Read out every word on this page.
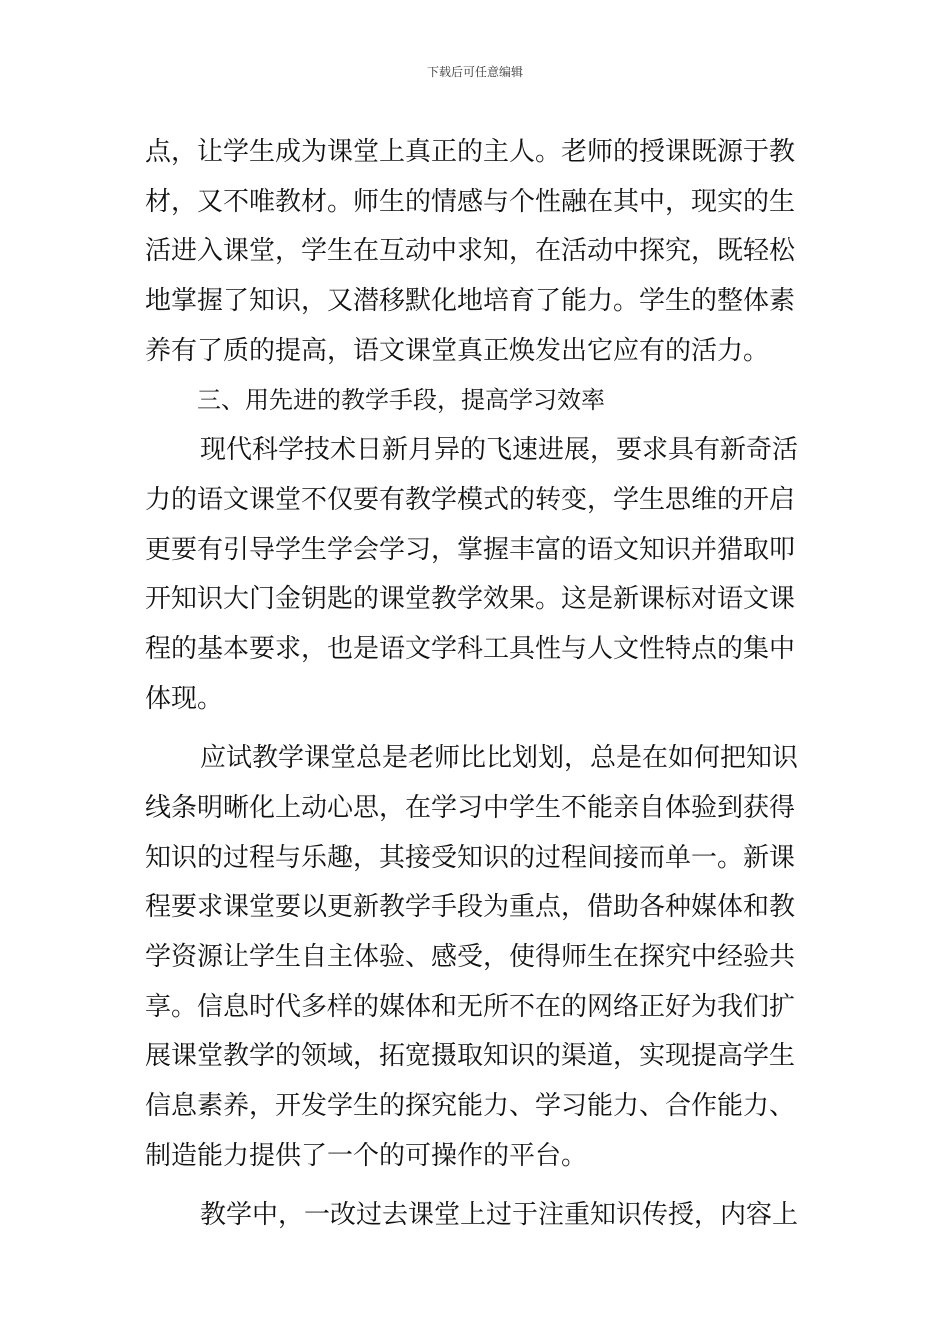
下载后可任意编辑
点，让学生成为课堂上真正的主人。老师的授课既源于教
材，又不唯教材。师生的情感与个性融在其中，现实的生
活进入课堂，学生在互动中求知，在活动中探究，既轻松
地掌握了知识，又潜移默化地培育了能力。学生的整体素
养有了质的提高，语文课堂真正焕发出它应有的活力。
三、用先进的教学手段，提高学习效率
现代科学技术日新月异的飞速进展，要求具有新奇活
力的语文课堂不仅要有教学模式的转变，学生思维的开启
更要有引导学生学会学习，掌握丰富的语文知识并猎取叩
开知识大门金钥匙的课堂教学效果。这是新课标对语文课
程的基本要求，也是语文学科工具性与人文性特点的集中
体现。
应试教学课堂总是老师比比划划，总是在如何把知识
线条明晰化上动心思，在学习中学生不能亲自体验到获得
知识的过程与乐趣，其接受知识的过程间接而单一。新课
程要求课堂要以更新教学手段为重点，借助各种媒体和教
学资源让学生自主体验、感受，使得师生在探究中经验共
享。信息时代多样的媒体和无所不在的网络正好为我们扩
展课堂教学的领域，拓宽摄取知识的渠道，实现提高学生
信息素养，开发学生的探究能力、学习能力、合作能力、
制造能力提供了一个的可操作的平台。
教学中，一改过去课堂上过于注重知识传授，内容上
